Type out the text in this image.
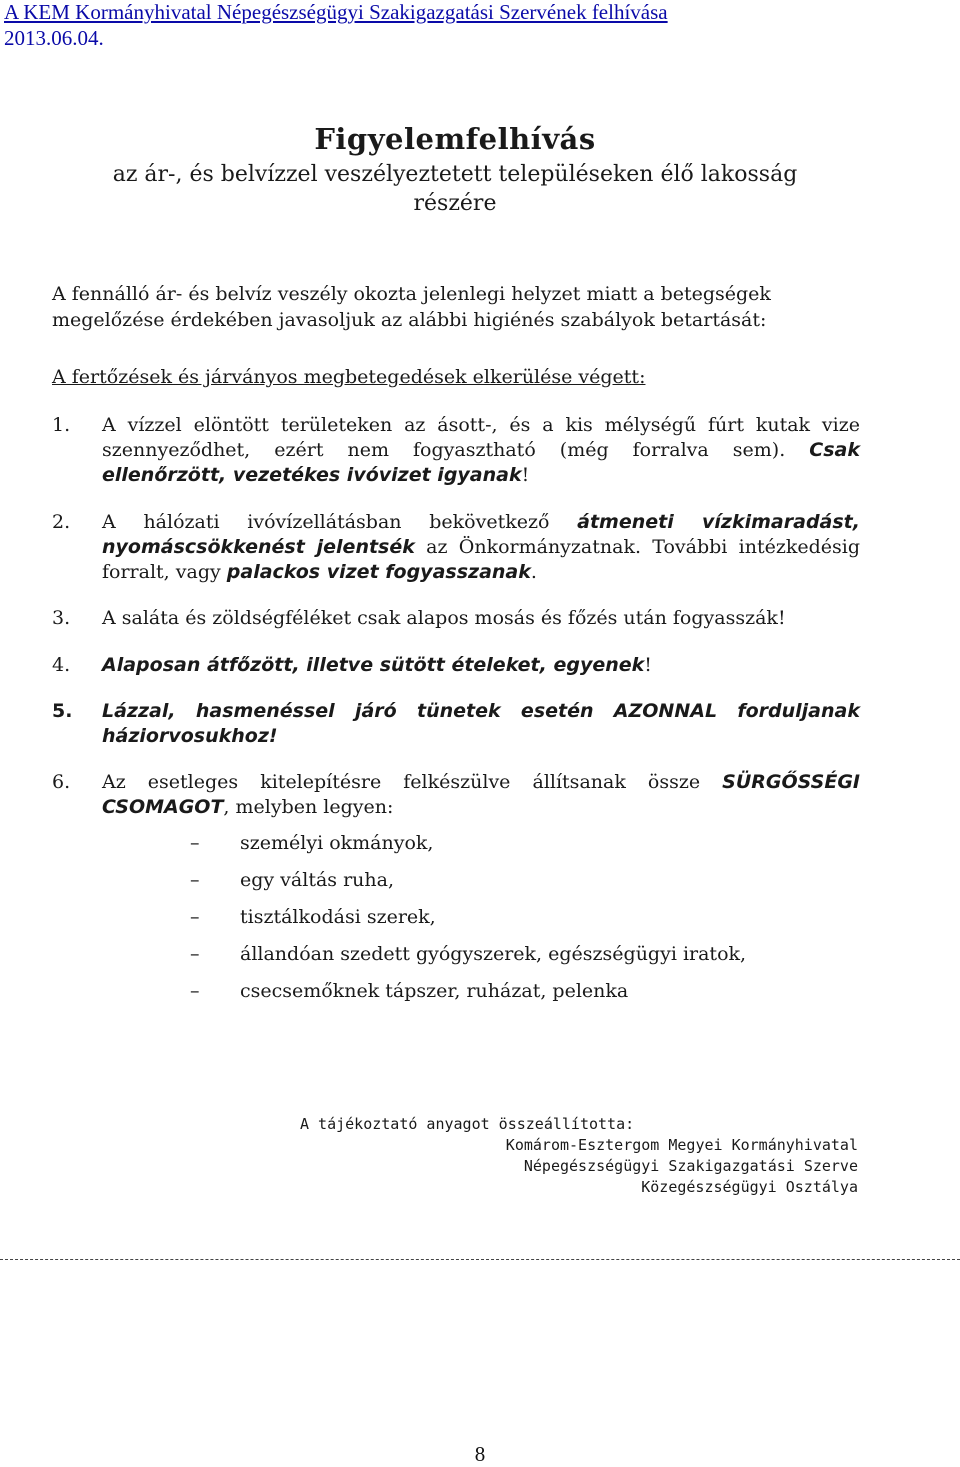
A KEM Kormányhivatal Népegészségügyi Szakigazgatási Szervének felhívása
2013.06.04.
Figyelemfelhívás
az ár-, és belvízzel veszélyeztetett településeken élő lakosság részére
A fennálló ár- és belvíz veszély okozta jelenlegi helyzet miatt a betegségek megelőzése érdekében javasoljuk az alábbi higiénés szabályok betartását:
A fertőzések és járványos megbetegedések elkerülése végett:
1. A vízzel elöntött területeken az ásott-, és a kis mélységű fúrt kutak vize szennyeződhet, ezért nem fogyasztható (még forralva sem). Csak ellenőrzött, vezetékes ivóvizet igyanak!
2. A hálózati ivóvízellátásban bekövetkező átmeneti vízkimaradást, nyomáscsökkenést jelentsék az Önkormányzatnak. További intézkedésig forralt, vagy palackos vizet fogyasszanak.
3. A saláta és zöldségféléket csak alapos mosás és főzés után fogyasszák!
4. Alaposan átfőzött, illetve sütött ételeket, egyenek!
5. Lázzal, hasmenéssel járó tünetek esetén AZONNAL forduljanak háziorvosukhoz!
6. Az esetleges kitelepítésre felkészülve állítsanak össze SÜRGŐSSÉGI CSOMAGOT, melyben legyen:
– személyi okmányok,
– egy váltás ruha,
– tisztálkodási szerek,
– állandóan szedett gyógyszerek, egészségügyi iratok,
– csecsemőknek tápszer, ruházat, pelenka
A tájékoztató anyagot összeállította:
Komárom-Esztergom Megyei Kormányhivatal
Népegészségügyi Szakigazgatási Szerve
Közegészségügyi Osztálya
8
